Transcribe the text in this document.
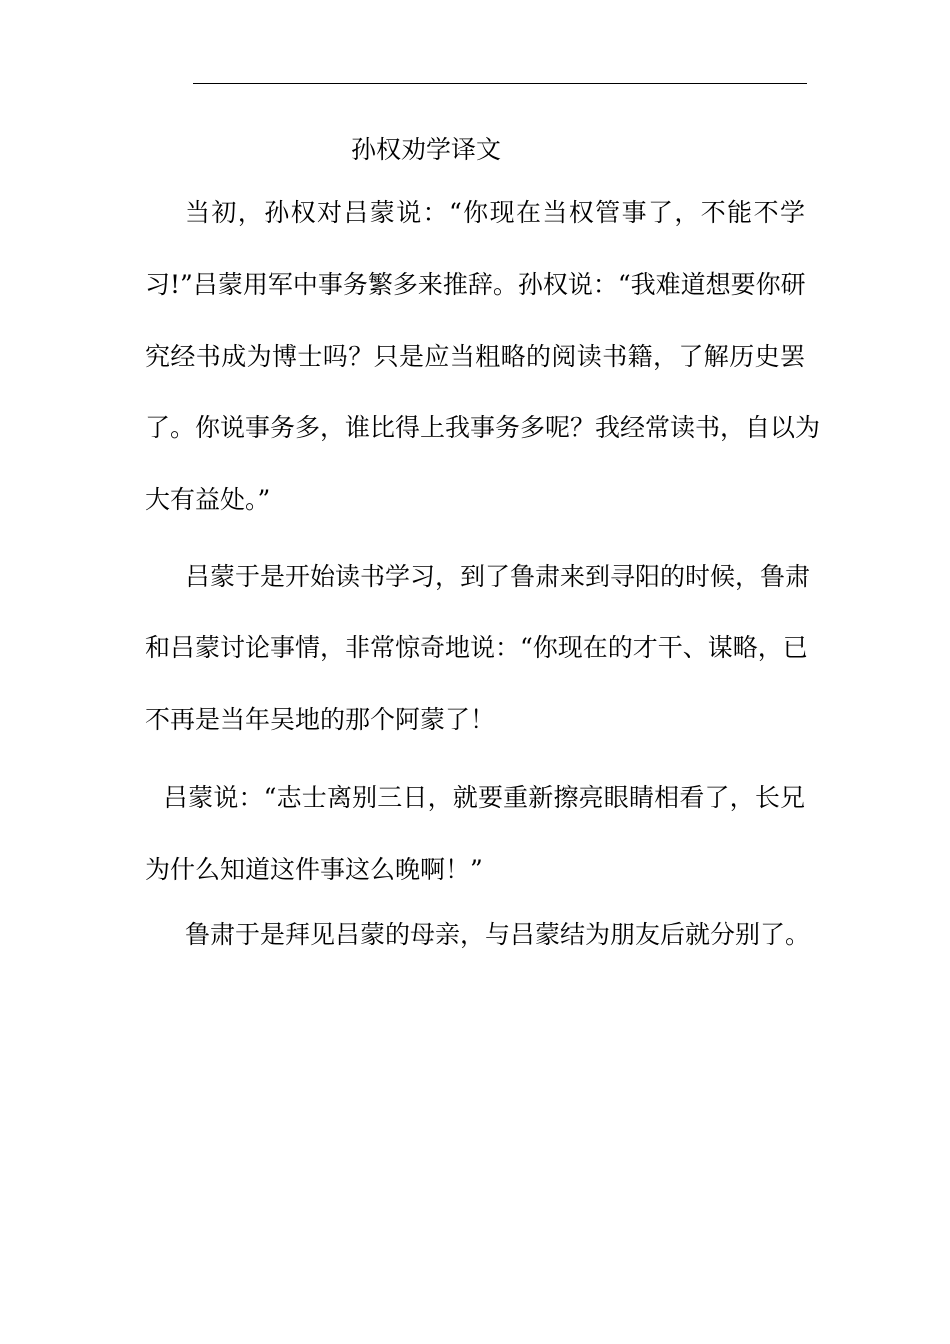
孙权劝学译文
当初，孙权对吕蒙说：“你现在当权管事了，不能不学
习!”吕蒙用军中事务繁多来推辞。孙权说：“我难道想要你研
究经书成为博士吗？只是应当粗略的阅读书籍，了解历史罢
了。你说事务多，谁比得上我事务多呢？我经常读书，自以为
大有益处。”
吕蒙于是开始读书学习，到了鲁肃来到寻阳的时候，鲁肃
和吕蒙讨论事情，非常惊奇地说：“你现在的才干、谋略，已
不再是当年吴地的那个阿蒙了！
吕蒙说：“志士离别三日，就要重新擦亮眼睛相看了，长兄
为什么知道这件事这么晚啊！”
鲁肃于是拜见吕蒙的母亲，与吕蒙结为朋友后就分别了。
